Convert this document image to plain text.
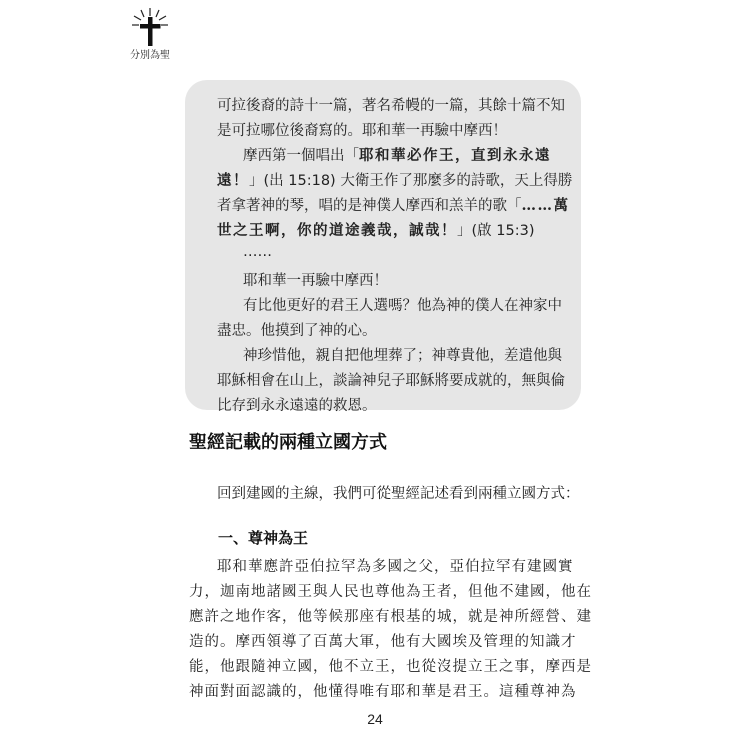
分別為聖
可拉後裔的詩十一篇，著名希幔的一篇，其餘十篇不知
是可拉哪位後裔寫的。耶和華一再驗中摩西！
摩西第一個唱出「耶和華必作王，直到永永遠
遠！」(出 15:18) 大衛王作了那麼多的詩歌，天上得勝
者拿著神的琴，唱的是神僕人摩西和羔羊的歌「……萬
世之王啊，你的道途義哉，誠哉！」(啟 15:3)
……
耶和華一再驗中摩西！
有比他更好的君王人選嗎？他為神的僕人在神家中
盡忠。他摸到了神的心。
神珍惜他，親自把他埋葬了；神尊貴他，差遣他與
耶穌相會在山上，談論神兒子耶穌將要成就的，無與倫
比存到永永遠遠的救恩。
聖經記載的兩種立國方式
回到建國的主線，我們可從聖經記述看到兩種立國方式：
一、尊神為王
耶和華應許亞伯拉罕為多國之父，亞伯拉罕有建國實
力，迦南地諸國王與人民也尊他為王者，但他不建國，他在
應許之地作客，他等候那座有根基的城，就是神所經營、建
造的。摩西領導了百萬大軍，他有大國埃及管理的知識才
能，他跟隨神立國，他不立王，也從沒提立王之事，摩西是
神面對面認識的，他懂得唯有耶和華是君王。這種尊神為
24
